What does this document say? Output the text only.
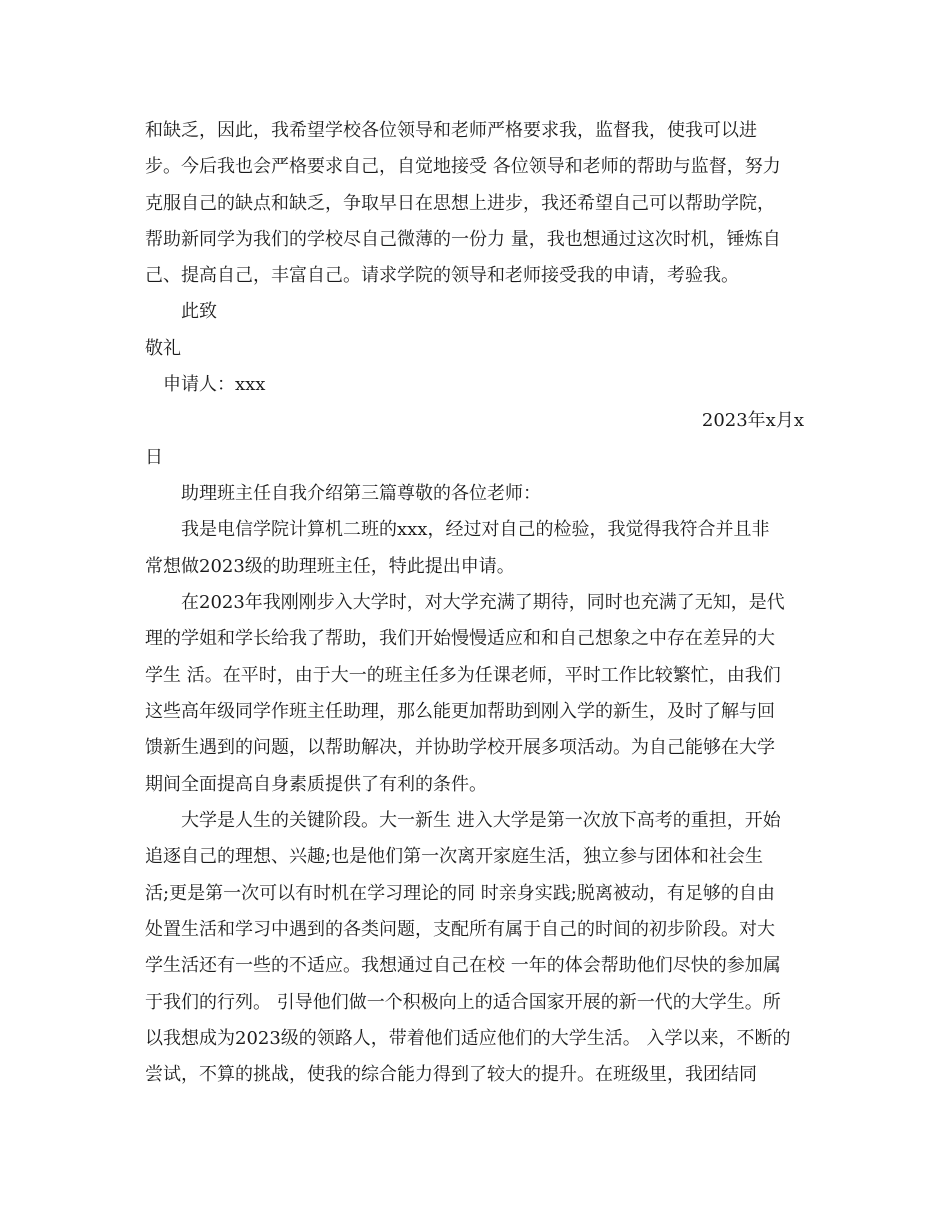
和缺乏，因此，我希望学校各位领导和老师严格要求我，监督我，使我可以进
步。今后我也会严格要求自己，自觉地接受 各位领导和老师的帮助与监督，努力
克服自己的缺点和缺乏，争取早日在思想上进步，我还希望自己可以帮助学院，
帮助新同学为我们的学校尽自己微薄的一份力 量，我也想通过这次时机，锤炼自
己、提高自己，丰富自己。请求学院的领导和老师接受我的申请，考验我。
　　此致
敬礼
　申请人：xxx
2023年x月x
日
　　助理班主任自我介绍第三篇尊敬的各位老师：
　　我是电信学院计算机二班的xxx，经过对自己的检验，我觉得我符合并且非
常想做2023级的助理班主任，特此提出申请。
　　在2023年我刚刚步入大学时，对大学充满了期待，同时也充满了无知，是代
理的学姐和学长给我了帮助，我们开始慢慢适应和和自己想象之中存在差异的大
学生 活。在平时，由于大一的班主任多为任课老师，平时工作比较繁忙，由我们
这些高年级同学作班主任助理，那么能更加帮助到刚入学的新生，及时了解与回
馈新生遇到的问题，以帮助解决，并协助学校开展多项活动。为自己能够在大学
期间全面提高自身素质提供了有利的条件。
　　大学是人生的关键阶段。大一新生 进入大学是第一次放下高考的重担，开始
追逐自己的理想、兴趣;也是他们第一次离开家庭生活，独立参与团体和社会生
活;更是第一次可以有时机在学习理论的同 时亲身实践;脱离被动，有足够的自由
处置生活和学习中遇到的各类问题，支配所有属于自己的时间的初步阶段。对大
学生活还有一些的不适应。我想通过自己在校 一年的体会帮助他们尽快的参加属
于我们的行列。 引导他们做一个积极向上的适合国家开展的新一代的大学生。所
以我想成为2023级的领路人，带着他们适应他们的大学生活。 入学以来，不断的
尝试，不算的挑战，使我的综合能力得到了较大的提升。在班级里，我团结同
